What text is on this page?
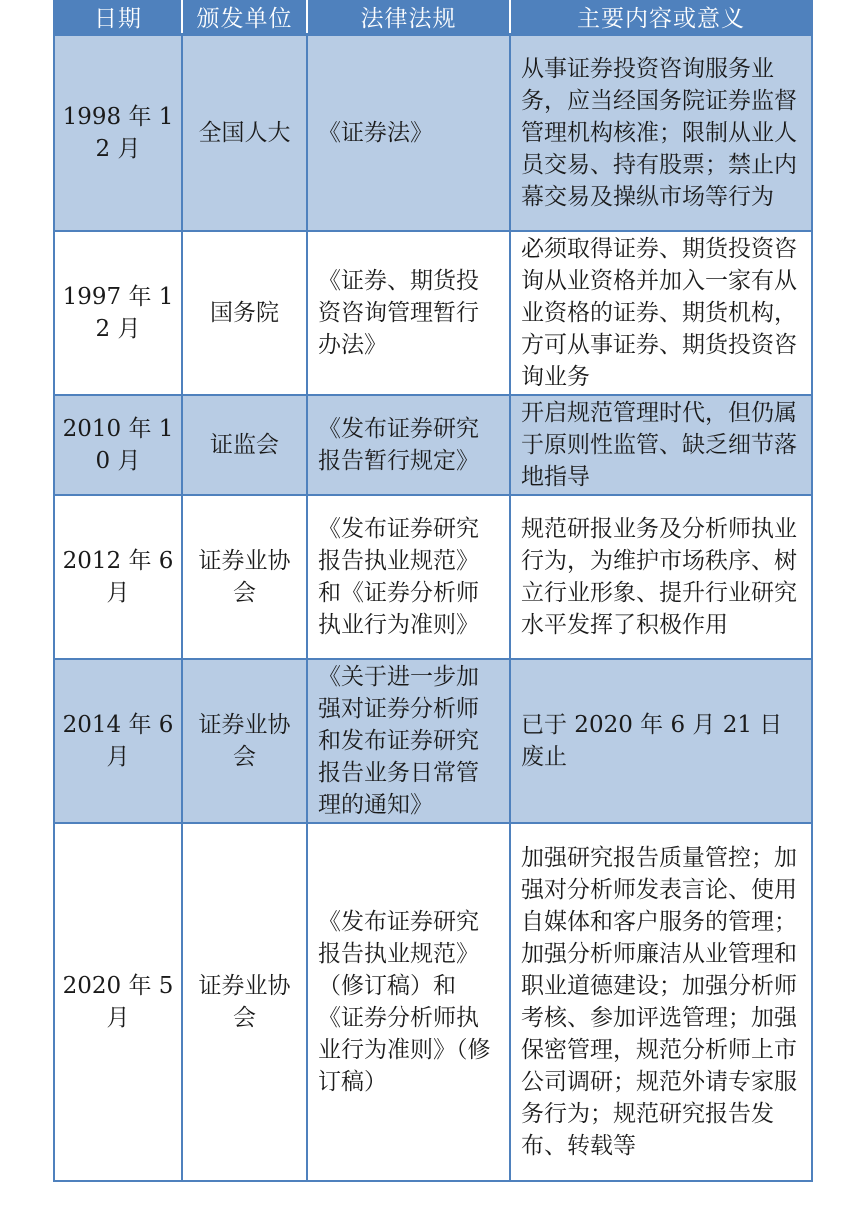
日期	颁发单位	法律法规	主要内容或意义

1998 年 12 月	全国人大	《证券法》	从事证券投资咨询服务业务，应当经国务院证券监督管理机构核准；限制从业人员交易、持有股票；禁止内幕交易及操纵市场等行为

1997 年 12 月	国务院	《证券、期货投资咨询管理暂行办法》	必须取得证券、期货投资咨询从业资格并加入一家有从业资格的证券、期货机构，方可从事证券、期货投资咨询业务

2010 年 10 月	证监会	《发布证券研究报告暂行规定》	开启规范管理时代，但仍属于原则性监管、缺乏细节落地指导

2012 年 6 月	证券业协会	《发布证券研究报告执业规范》和《证券分析师执业行为准则》	规范研报业务及分析师执业行为，为维护市场秩序、树立行业形象、提升行业研究水平发挥了积极作用

2014 年 6 月	证券业协会	《关于进一步加强对证券分析师和发布证券研究报告业务日常管理的通知》	已于 2020 年 6 月 21 日废止

2020 年 5 月	证券业协会	《发布证券研究报告执业规范》（修订稿）和《证券分析师执业行为准则》（修订稿）	加强研究报告质量管控；加强对分析师发表言论、使用自媒体和客户服务的管理；加强分析师廉洁从业管理和职业道德建设；加强分析师考核、参加评选管理；加强保密管理，规范分析师上市公司调研；规范外请专家服务行为；规范研究报告发布、转载等
